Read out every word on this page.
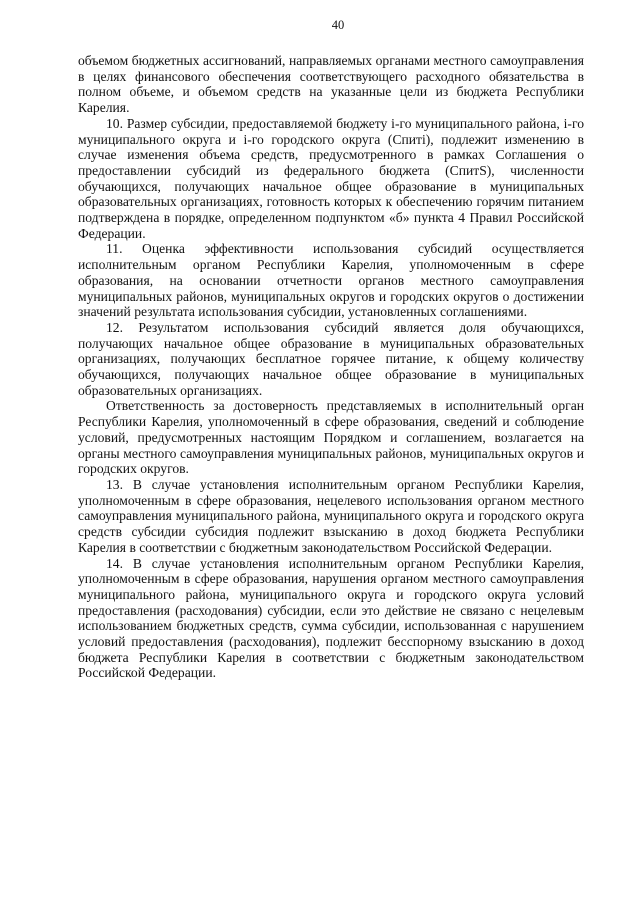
40

объемом бюджетных ассигнований, направляемых органами местного самоуправления в целях финансового обеспечения соответствующего расходного обязательства в полном объеме, и объемом средств на указанные цели из бюджета Республики Карелия.

10. Размер субсидии, предоставляемой бюджету i-го муниципального района, i-го муниципального округа и i-го городского округа (Cпиті), подлежит изменению в случае изменения объема средств, предусмотренного в рамках Соглашения о предоставлении субсидий из федерального бюджета (CпитS), численности обучающихся, получающих начальное общее образование в муниципальных образовательных организациях, готовность которых к обеспечению горячим питанием подтверждена в порядке, определенном подпунктом «б» пункта 4 Правил Российской Федерации.

11. Оценка эффективности использования субсидий осуществляется исполнительным органом Республики Карелия, уполномоченным в сфере образования, на основании отчетности органов местного самоуправления муниципальных районов, муниципальных округов и городских округов о достижении значений результата использования субсидии, установленных соглашениями.

12. Результатом использования субсидий является доля обучающихся, получающих начальное общее образование в муниципальных образовательных организациях, получающих бесплатное горячее питание, к общему количеству обучающихся, получающих начальное общее образование в муниципальных образовательных организациях.

Ответственность за достоверность представляемых в исполнительный орган Республики Карелия, уполномоченный в сфере образования, сведений и соблюдение условий, предусмотренных настоящим Порядком и соглашением, возлагается на органы местного самоуправления муниципальных районов, муниципальных округов и городских округов.

13. В случае установления исполнительным органом Республики Карелия, уполномоченным в сфере образования, нецелевого использования органом местного самоуправления муниципального района, муниципального округа и городского округа средств субсидии субсидия подлежит взысканию в доход бюджета Республики Карелия в соответствии с бюджетным законодательством Российской Федерации.

14. В случае установления исполнительным органом Республики Карелия, уполномоченным в сфере образования, нарушения органом местного самоуправления муниципального района, муниципального округа и городского округа условий предоставления (расходования) субсидии, если это действие не связано с нецелевым использованием бюджетных средств, сумма субсидии, использованная с нарушением условий предоставления (расходования), подлежит бесспорному взысканию в доход бюджета Республики Карелия в соответствии с бюджетным законодательством Российской Федерации.
